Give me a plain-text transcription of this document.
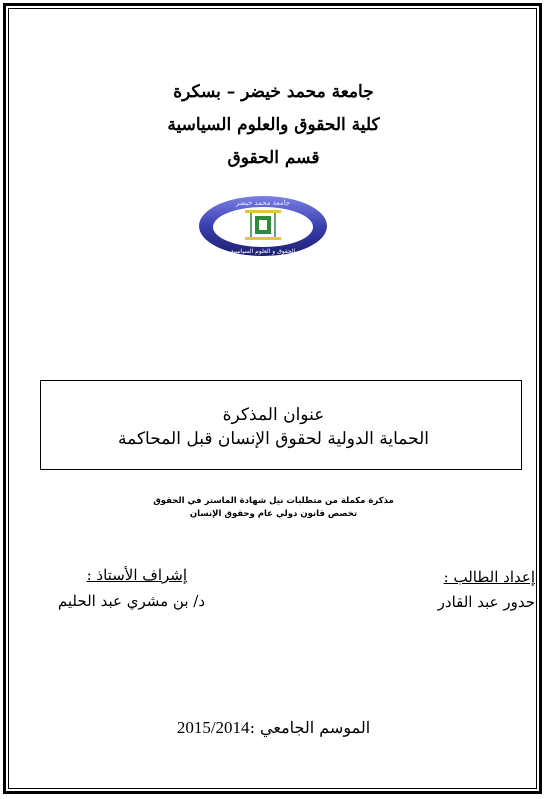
جامعة محمد خيضر – بسكرة
كلية الحقوق والعلوم السياسية
قسم الحقوق
جامعة محمد خيضر
الحقوق و العلوم السياسية
عنوان المذكرة
الحماية الدولية لحقوق الإنسان قبل المحاكمة
مذكرة مكملة من متطلبات نيل شهادة الماستر في الحقوق
تخصص قانون دولي عام وحقوق الإنسان
إعداد الطالب :
حدور عبد القادر
إشراف الأستاذ :
د/ بن مشري عبد الحليم
الموسم الجامعي :2015/2014
